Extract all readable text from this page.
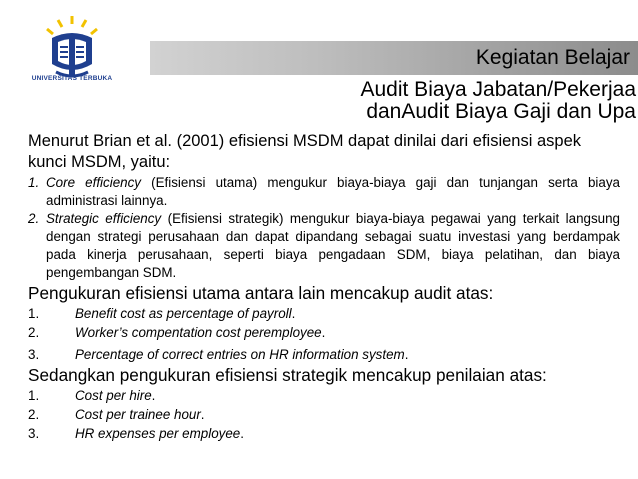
UNIVERSITAS TERBUKA
Kegiatan Belajar
Audit Biaya Jabatan/Pekerjaa
danAudit Biaya Gaji dan Upa

Menurut Brian et al. (2001) efisiensi MSDM dapat dinilai dari efisiensi aspek kunci MSDM, yaitu:

1. Core efficiency (Efisiensi utama) mengukur biaya-biaya gaji dan tunjangan serta biaya administrasi lainnya.
2. Strategic efficiency (Efisiensi strategik) mengukur biaya-biaya pegawai yang terkait langsung dengan strategi perusahaan dan dapat dipandang sebagai suatu investasi yang berdampak pada kinerja perusahaan, seperti biaya pengadaan SDM, biaya pelatihan, dan biaya pengembangan SDM.

Pengukuran efisiensi utama antara lain mencakup audit atas:

1.	Benefit cost as percentage of payroll.
2.	Worker’s compentation cost peremployee.
3.	Percentage of correct entries on HR information system.

Sedangkan pengukuran efisiensi strategik mencakup penilaian atas:

1.	Cost per hire.
2.	Cost per trainee hour.
3.	HR expenses per employee.
